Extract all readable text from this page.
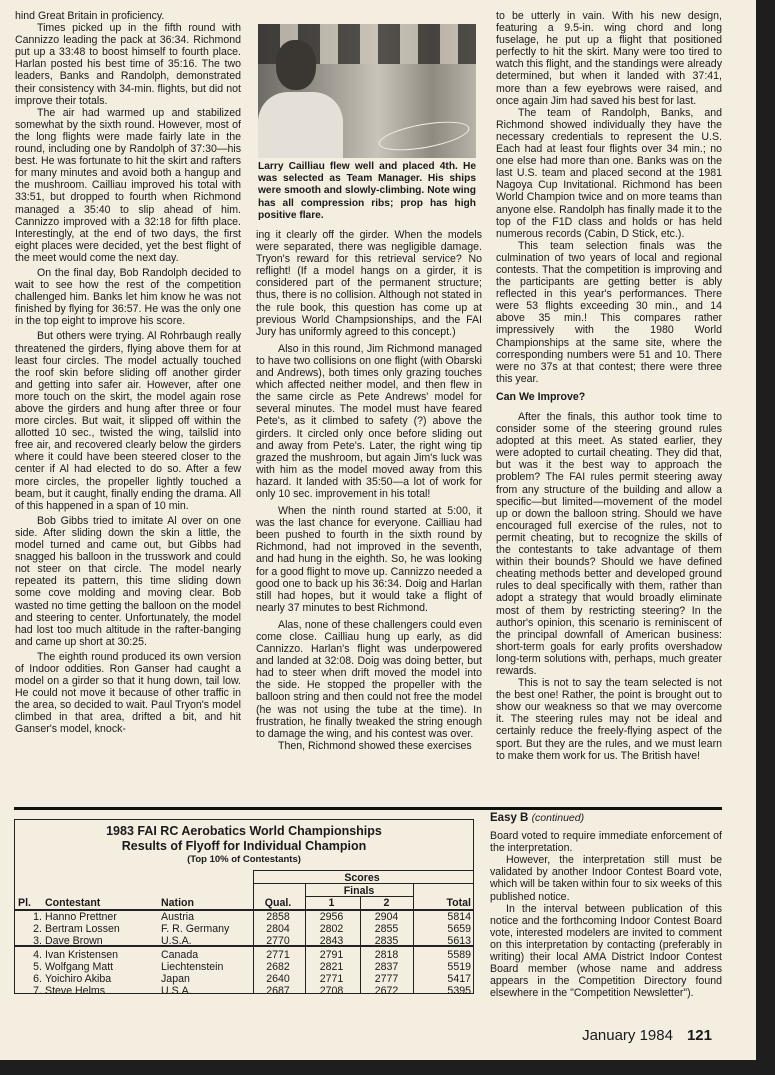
hind Great Britain in proficiency.

Times picked up in the fifth round with Cannizzo leading the pack at 36:34. Richmond put up a 33:48 to boost himself to fourth place. Harlan posted his best time of 35:16. The two leaders, Banks and Randolph, demonstrated their consistency with 34-min. flights, but did not improve their totals.

The air had warmed up and stabilized somewhat by the sixth round. However, most of the long flights were made fairly late in the round, including one by Randolph of 37:30—his best. He was fortunate to hit the skirt and rafters for many minutes and avoid both a hangup and the mushroom. Cailliau improved his total with 33:51, but dropped to fourth when Richmond managed a 35:40 to slip ahead of him. Cannizzo improved with a 32:18 for fifth place. Interestingly, at the end of two days, the first eight places were decided, yet the best flight of the meet would come the next day.

On the final day, Bob Randolph decided to wait to see how the rest of the competition challenged him. Banks let him know he was not finished by flying for 36:57. He was the only one in the top eight to improve his score.

But others were trying. Al Rohrbaugh really threatened the girders, flying above them for at least four circles. The model actually touched the roof skin before sliding off another girder and getting into safer air. However, after one more touch on the skirt, the model again rose above the girders and hung after three or four more circles. But wait, it slipped off within the allotted 10 sec., twisted the wing, tailslid into free air, and recovered clearly below the girders where it could have been steered closer to the center if Al had elected to do so. After a few more circles, the propeller lightly touched a beam, but it caught, finally ending the drama. All of this happened in a span of 10 min.

Bob Gibbs tried to imitate Al over on one side. After sliding down the skin a little, the model turned and came out, but Gibbs had snagged his balloon in the trusswork and could not steer on that circle. The model nearly repeated its pattern, this time sliding down some cove molding and moving clear. Bob wasted no time getting the balloon on the model and steering to center. Unfortunately, the model had lost too much altitude in the rafter-banging and came up short at 30:25.

The eighth round produced its own version of Indoor oddities. Ron Ganser had caught a model on a girder so that it hung down, tail low. He could not move it because of other traffic in the area, so decided to wait. Paul Tryon's model climbed in that area, drifted a bit, and hit Ganser's model, knock-

Larry Cailliau flew well and placed 4th. He was selected as Team Manager. His ships were smooth and slowly-climbing. Note wing has all compression ribs; prop has high positive flare.

ing it clearly off the girder. When the models were separated, there was negligible damage. Tryon's reward for this retrieval service? No reflight! (If a model hangs on a girder, it is considered part of the permanent structure; thus, there is no collision. Although not stated in the rule book, this question has come up at previous World Champsionships, and the FAI Jury has uniformly agreed to this concept.)

Also in this round, Jim Richmond managed to have two collisions on one flight (with Obarski and Andrews), both times only grazing touches which affected neither model, and then flew in the same circle as Pete Andrews' model for several minutes. The model must have feared Pete's, as it climbed to safety (?) above the girders. It circled only once before sliding out and away from Pete's. Later, the right wing tip grazed the mushroom, but again Jim's luck was with him as the model moved away from this hazard. It landed with 35:50—a lot of work for only 10 sec. improvement in his total!

When the ninth round started at 5:00, it was the last chance for everyone. Cailliau had been pushed to fourth in the sixth round by Richmond, had not improved in the seventh, and had hung in the eighth. So, he was looking for a good flight to move up. Cannizzo needed a good one to back up his 36:34. Doig and Harlan still had hopes, but it would take a flight of nearly 37 minutes to best Richmond.

Alas, none of these challengers could even come close. Cailliau hung up early, as did Cannizzo. Harlan's flight was underpowered and landed at 32:08. Doig was doing better, but had to steer when drift moved the model into the side. He stopped the propeller with the balloon string and then could not free the model (he was not using the tube at the time). In frustration, he finally tweaked the string enough to damage the wing, and his contest was over.

Then, Richmond showed these exercises

to be utterly in vain. With his new design, featuring a 9.5-in. wing chord and long fuselage, he put up a flight that positioned perfectly to hit the skirt. Many were too tired to watch this flight, and the standings were already determined, but when it landed with 37:41, more than a few eyebrows were raised, and once again Jim had saved his best for last.

The team of Randolph, Banks, and Richmond showed individually they have the necessary credentials to represent the U.S. Each had at least four flights over 34 min.; no one else had more than one. Banks was on the last U.S. team and placed second at the 1981 Nagoya Cup Invitational. Richmond has been World Champion twice and on more teams than anyone else. Randolph has finally made it to the top of the F1D class and holds or has held numerous records (Cabin, D Stick, etc.).

This team selection finals was the culmination of two years of local and regional contests. That the competition is improving and the participants are getting better is ably reflected in this year's performances. There were 53 flights exceeding 30 min., and 14 above 35 min.! This compares rather impressively with the 1980 World Championships at the same site, where the corresponding numbers were 51 and 10. There were no 37s at that contest; there were three this year.

Can We Improve?

After the finals, this author took time to consider some of the steering ground rules adopted at this meet. As stated earlier, they were adopted to curtail cheating. They did that, but was it the best way to approach the problem? The FAI rules permit steering away from any structure of the building and allow a specific—but limited—movement of the model up or down the balloon string. Should we have encouraged full exercise of the rules, not to permit cheating, but to recognize the skills of the contestants to take advantage of them within their bounds? Should we have defined cheating methods better and developed ground rules to deal specifically with them, rather than adopt a strategy that would broadly eliminate most of them by restricting steering? In the author's opinion, this scenario is reminiscent of the principal downfall of American business: short-term goals for early profits overshadow long-term solutions with, perhaps, much greater rewards.

This is not to say the team selected is not the best one! Rather, the point is brought out to show our weakness so that we may overcome it. The steering rules may not be ideal and certainly reduce the freely-flying aspect of the sport. But they are the rules, and we must learn to make them work for us. The British have!

1983 FAI RC Aerobatics World Championships
Results of Flyoff for Individual Champion
(Top 10% of Contestants)
Scores
Finals
Pl.	Contestant	Nation	Qual.	1	2	Total
1. Hanno Prettner	Austria	2858	2956	2904	5814
2. Bertram Lossen	F. R. Germany	2804	2802	2855	5659
3. Dave Brown	U.S.A.	2770	2843	2835	5613
4. Ivan Kristensen	Canada	2771	2791	2818	5589
5. Wolfgang Matt	Liechtenstein	2682	2821	2837	5519
6. Yoichiro Akiba	Japan	2640	2771	2777	5417
7. Steve Helms	U.S.A.	2687	2708	2672	5395
Easy B (continued)

Board voted to require immediate enforcement of the interpretation.

However, the interpretation still must be validated by another Indoor Contest Board vote, which will be taken within four to six weeks of this published notice.

In the interval between publication of this notice and the forthcoming Indoor Contest Board vote, interested modelers are invited to comment on this interpretation by contacting (preferably in writing) their local AMA District Indoor Contest Board member (whose name and address appears in the Competition Directory found elsewhere in the "Competition Newsletter").

January 1984 121
